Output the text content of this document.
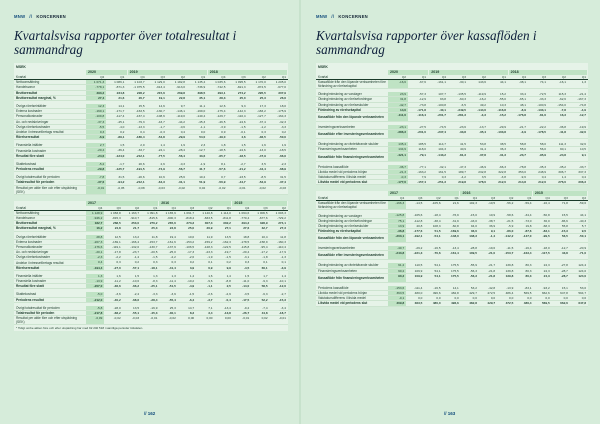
MNW // KONCERNEN
Kvartalsvisa rapporter över totalresultat i sammandrag
MSEK
2020	2019	2018
Kvartal	Q2	Q1	Q4	Q3	Q2	Q1	Q4	Q3	Q2	Q1
Nettoomsättning	1 071,3	1 086,1	1 103,7	1 129,0	1 182,8	1 135,4	1 035,6	1 095,5	1 170,0	1 205,0
Handelsvaror	-778,1	-871,3	-1 075,5	-913,4	-913,0	-736,9	-742,5	-821,3	-874,5	-677,0
Bruttoresultat	293,2	234,8	228,2	215,6	269,8	398,5	293,1	274,2	295,5	307,9
Bruttoresultat marginal, %	27,4	21,6	20,7	19,1	22,8	35,1	28,3	25,0	25,3	26,6
Övriga rörelseintäkter	12,3	14,1	15,5	14,6	9,7	11,1	12,6	9,3	17,3	18,0
Externa kostnader	-160,1	-171,7	-163,5	-130,7	-146,1	-169,0	-175,4	-142,3	-183,2	-175,9
Personalkostnader	-109,8	-117,4	-167,4	-108,6	-119,0	-140,4	-129,7	-110,4	-127,7	-164,3
Av- och nedskrivningar	-37,3	-45,1	-79,3	-43,7	-44,2	-45,3	-46,5	-24,6	-37,4	-32,3
Övriga rörelsekostnader	-5,5	-4,0	-13,3	-1,7	-0,6	-1,1	-3,9	-1,5	-1,2	-3,3
Andelar i intresseföretags resultat	0,3	0,2	0,4	-0,3	0,4	0,0	0,9	-0,1	0,3	0,2
Rörelseresultat	-6,9	-89,1	-180,4	-54,8	-29,9	54,0	-49,0	4,6	-36,5	-50,0
Finansiella intäkter	2,7	1,5	2,0	1,4	1,9	2,3	1,8	1,5	1,6	1,9
Finansiella kostnader	-20,4	-36,4	-33,7	-24,1	-28,4	-12,7	-18,5	-24,6	-13,0	-18,5
Resultat före skatt	-24,6	-124,0	-212,1	-77,5	-56,4	43,6	-65,7	-18,5	-47,9	-66,6
Skattekostnad	-5,2	-1,7	20,6	2,6	-0,3	-1,9	8,1	-2,7	3,5	-2,3
Periodens resultat	-29,8	-125,7	-191,5	-74,9	-56,7	41,7	-57,6	-21,2	-44,4	-68,9
Övrigt totalresultat för perioden	-7,8	31,5	-20,6	10,6	25,6	10,2	0,7	-23,5	-8,5	31,5
Totalresultat för perioden	-37,6	-94,2	-212,1	-64,3	-31,1	51,9	-56,9	-44,7	-52,9	-37,4
Resultat per aktie före och efter utspädning (SEK)
-0,01	-0,05	-0,08	-0,03	-0,02	0,02	-0,02	-0,01	-0,02	-0,03
2017	2016	2015
Kvartal	Q4	Q3	Q2	Q1	Q4	Q3	Q2	Q1	Q4	Q3	Q2
Nettoomsättning	1 128,9	1 083,8	1 163,7	1 091,8	1 165,9	1 091,7	1 140,8	1 114,0	1 064,6	1 006,5	1 003,3
Handelsvaror	-946,2	-815,3	-910,7	-815,6	-900,3	-818,4	-833,5	-811,8	-770,4	-677,6	-729,2
Bruttoresultat	182,7	268,5	253,0	276,2	265,6	273,3	307,3	302,2	294,2	328,9	274,1
Bruttoresultat marginal, %	16,2	24,8	21,7	25,3	22,8	25,0	26,9	27,1	27,6	32,7	27,3
Övriga rörelseintäkter	28,8	12,5	13,2	11,8	19,4	10,0	11,9	13,5	18,8	10,4	11,8
Externa kostnader	-207,3	-169,1	-166,4	-153,7	-161,6	-153,2	-159,2	-162,3	-178,5	-158,9	-160,3
Personalkostnader	-176,6	-119,1	-132,0	-130,7	-137,9	-106,5	-128,3	-122,5	-115,8	-95,4	-110,4
Av- och nedskrivningar	-20,1	-17,8	-23,7	-20,5	-25,0	-17,3	-23,3	-19,7	-20,4	-17,2	-17,9
Övriga rörelsekostnader	-2,3	-2,2	-1,4	-1,5	-2,2	-2,6	-1,9	-1,5	-3,1	-1,8	-1,3
Andelar i intresseföretags resultat	0,4	0,3	0,2	0,3	0,3	0,2	0,1	0,2	0,3	0,1	0,1
Rörelseresultat	-194,4	-27,0	-57,1	-18,1	-41,4	3,9	6,9	9,9	-4,5	66,1	-3,9
Finansiella intäkter	1,3	1,6	1,5	1,3	1,3	1,4	1,6	1,4	1,5	1,7	1,4
Finansiella kostnader	-13,9	-11,2	-10,6	-8,3	-11,4	-10,2	-9,6	-8,8	-11,0	-9,3	-10,1
Resultat före skatt	-207,0	-36,6	-66,2	-25,1	-51,5	-4,9	-1,1	2,5	-14,0	58,5	-12,6
Skattekostnad	-5,0	-3,6	-2,4	-3,3	-3,9	-1,5	-2,6	-2,9	-3,5	-6,3	-2,7
Periodens resultat	-212,0	-40,2	-68,6	-28,4	-55,4	-6,4	-3,7	-0,4	-17,5	52,2	-15,3
Övrigt totalresultat för perioden	-5,8	-28,0	13,5	-16,9	25,3	14,7	7,1	-13,4	-9,2	-7,4	-3,4
Totalresultat för perioden	-217,8	-68,2	-55,1	-45,3	-30,1	8,3	3,4	-13,8	-26,7	44,8	-18,7
Resultat per aktie före och efter utspädning (SEK)
-0,09	-0,02	-0,03	-0,01	-0,02	0,00	0,00	0,00	-0,01	0,02	-0,01
* Tidigt ombe aktien före och efter utspädning har med 92 240 518 i samtliga perioder tidsdelen.
// 162
MNW // KONCERNEN
Kvartalsvisa rapporter över kassaflöden i sammandrag
MSEK
2020	2019	2018
Kvartal	Q2	Q1	Q4	Q3	Q2	Q1	Q4	Q3	Q2	Q1
Kassaflöde från den löpande verksamheten före förändring av rörelsekapital
-16,6	-67,6	-161,1	-30,1	143,6	44,1	-38,1	74,1	-16,1	1,3
Ökning/minskning av varulager	23,9	-57,3	107,7	-135,5	-119,9	15,2	33,4	-72,5	115,3	-21,4
Ökning/minskning av rörelsefordringar	31,8	-12,9	93,8	-60,3	-16,2	-55,0	-65,1	-33,3	-62,6	-167,3
Ökning/minskning av rörelseskulder	-42,7	-73,8	-100,8	-6,5	49,2	10,3	48,1	-100,9	-154,0	-74,8
Förändring av rörelsekapital	14,6	-171,8	-40,1	-349,5	-144,6	-116,8	-8,9	-133,1	-7,8	-4,9
Kassaflöde från den löpande verksamheten	-111,6	-116,4	-201,7	-281,3	-3,3	-15,2	-176,8	-81,6	16,3	-12,7
Investeringsverksamheten	-23,1	-27,5	-74,5	-23,6	-13,7	-29,9	-21,7	-22,2	-36,8	-19,9
Kassaflöde efter investeringsverksamheten	-386,3	-201,0	-237,4	-33,8	-35,4	-103,8	-3,9	-178,5	-41,8	-32,6
Ökning/minskning av räntebärande skulder	135,4	185,5	114,7	41,5	53,8	38,5	58,8	58,0	111,3	32,6
Finansieringsverksamheten	134,9	118,0	104,3	40,9	31,4	36,3	55,0	56,0	90,1	10,5
Kassaflöde från finansieringsverksamheten	-421,1	-79,1	-143,2	-81,3	-37,8	-31,3	-23,7	-95,9	-24,8	9,1
Periodens kassaflöde	-36,7	-77,1	-32,1	-47,3	-46,9	-66,3	-78,8	-35,3	-35,2	-33,7
Likvida medel vid periodens början	-21,3	-163,2	161,5	189,7	232,8	322,8	353,0	248,9	306,7	337,3
Valutakursdifferens i likvida medel	-0,3	7,9	0,3	-4,2	3,5	-3,8	-9,6	0,4	1,4	0,4
Likvida medel vid periodens slut	-177,6	-157,4	-251,3	219,8	178,0	212,0	214,8	212,6	276,0	306,3
2017	2016	2015
Kvartal	Q4	Q3	Q2	Q1	Q4	Q3	Q2	Q1	Q4	Q3	Q2
Kassaflöde från den löpande verksamheten före förändring av rörelsekapital
-166,3	-14,5	-105,6	21,6	102,3	-10,5	-56,2	-59,4	-16,4	71,8	-59,6
Ökning/minskning av varulager	-125,8	-105,6	-18,4	-76,9	-15,0	10,9	-58,6	-34,4	-50,8	15,5	44,1
Ökning/minskning av rörelsefordringar	75,1	-112,8	-38,4	-31,9	-43,0	-38,7	-21,5	-73,0	36,0	-86,6	-40,3
Ökning/minskning av rörelseskulder	13,9	40,8	108,3	-60,8	94,0	36,9	-5,9	19,8	-68,3	55,8	5,7
Förändring av rörelsekapital	-36,8	-177,6	51,5	-169,6	36,0	9,1	-86,0	-87,6	-83,1	-15,3	9,5
Kassaflöde från den löpande verksamheten	-203,1	-192,1	-54,1	-148,0	138,3	-1,4	-142,2	-147,0	-99,5	56,5	-50,1
Investeringsverksamheten	-40,7	-29,2	-16,5	-13,4	-28,8	-19,6	-11,5	-16,4	-18,0	-12,7	-20,9
Kassaflöde efter investeringsverksamheten	-243,8	-221,3	-70,6	-161,4	109,5	-21,0	-153,7	-163,4	-117,5	43,8	-71,0
Ökning/minskning av räntebärande skulder	91,2	110,5	54,1	175,5	-55,9	-21,7	139,8	80,3	24,3	-27,8	124,4
Finansieringsverksamheten	90,2	109,9	54,1	175,5	-56,3	-21,8	139,8	80,3	24,3	-28,7	124,0
Kassaflöde från finansieringsverksamheten	90,2	109,9	54,1	175,5	-56,3	-21,8	139,8	80,3	24,3	-28,7	124,0
Periodens kassaflöde	-153,6	-111,4	-16,5	14,1	53,2	-42,8	-13,9	-83,1	-93,2	15,1	53,0
Likvida medel vid periodens början	363,5	480,0	496,6	482,8	429,7	472,5	486,4	569,5	662,6	647,8	594,7
Valutakursdifferens i likvida medel	-0,1	0,0	0,0	0,0	0,0	0,0	0,0	0,0	0,0	0,0	0,0
Likvida medel vid periodens slut	209,8	363,5	480,0	496,6	482,8	429,7	472,5	486,4	569,5	662,6	647,8
// 163
